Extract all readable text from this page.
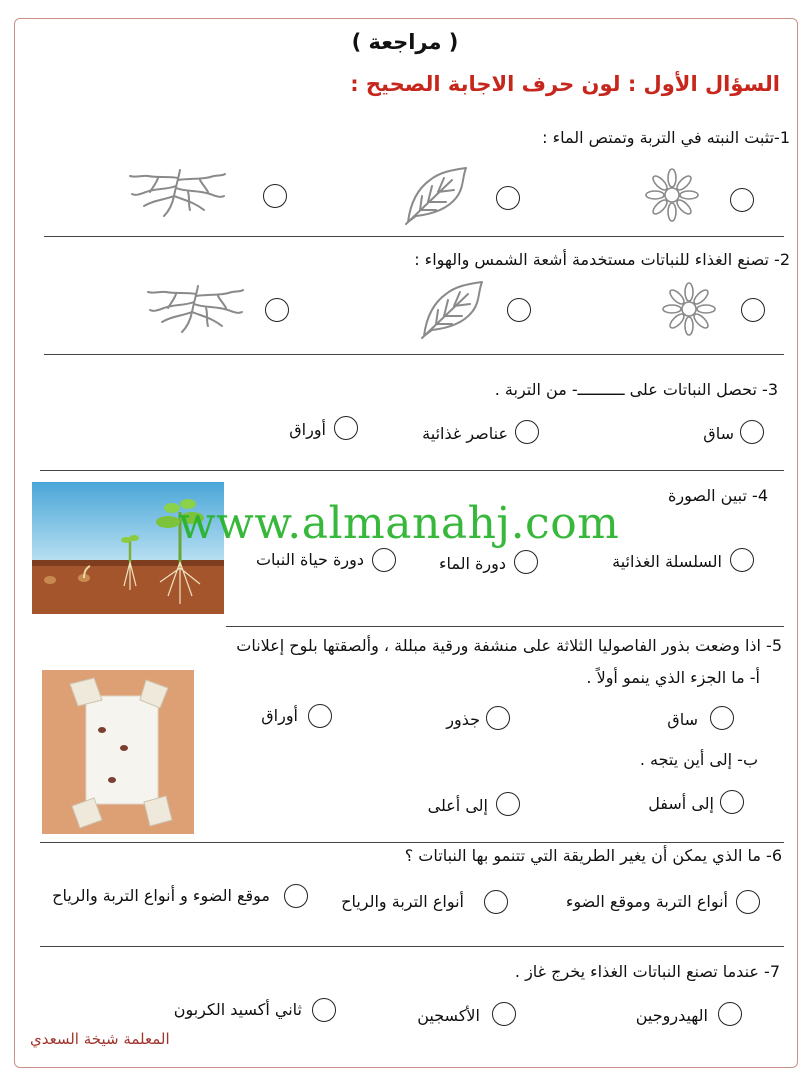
( مراجعة )
السؤال الأول : لون حرف الاجابة الصحيح :
1-تثبت النبته في التربة وتمتص الماء :
2- تصنع الغذاء للنباتات مستخدمة أشعة الشمس والهواء :
3- تحصل النباتات على ــــــــــ- من التربة .
ساق
عناصر غذائية
أوراق
4- تبين الصورة
السلسلة الغذائية
دورة الماء
دورة حياة النبات
5- اذا وضعت بذور الفاصوليا الثلاثة على منشفة ورقية مبللة ، وألصقتها بلوح إعلانات
أ- ما الجزء الذي ينمو أولاً .
ساق
جذور
أوراق
ب- إلى أين يتجه .
إلى أسفل
إلى أعلى
6- ما الذي يمكن أن يغير الطريقة التي تتنمو بها النباتات ؟
أنواع التربة وموقع الضوء
أنواع التربة والرياح
موقع الضوء و أنواع التربة والرياح
7- عندما تصنع النباتات الغذاء يخرج غاز .
الهيدروجين
الأكسجين
ثاني أكسيد الكربون
المعلمة شيخة السعدي
www.almanahj.com
